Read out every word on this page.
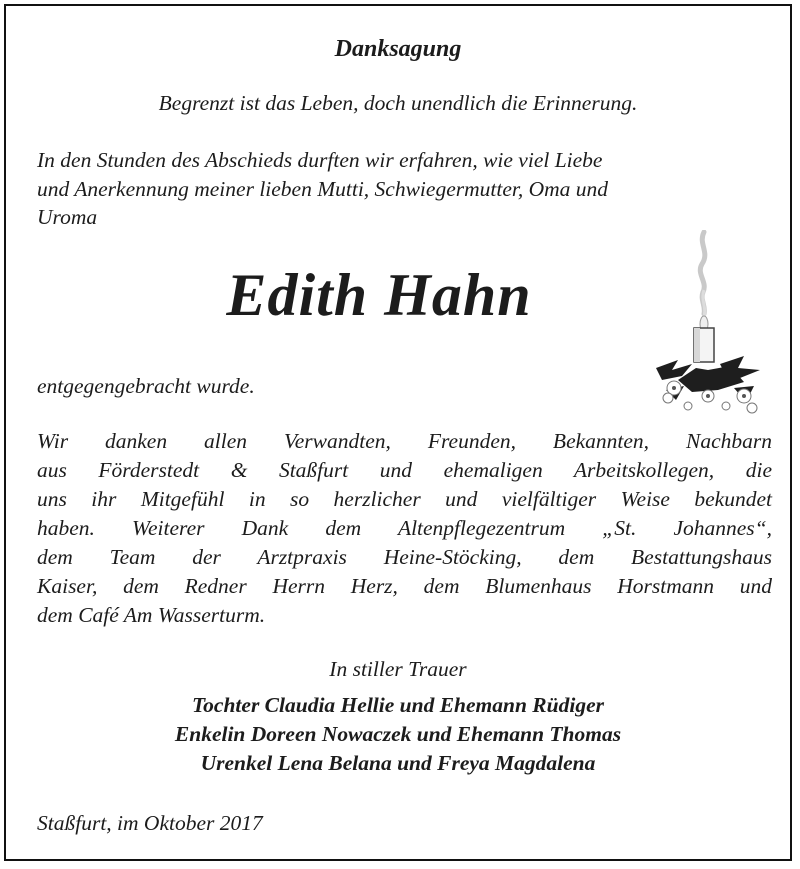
Danksagung
Begrenzt ist das Leben, doch unendlich die Erinnerung.
In den Stunden des Abschieds durften wir erfahren, wie viel Liebe
und Anerkennung meiner lieben Mutti, Schwiegermutter, Oma und
Uroma
Edith Hahn
entgegengebracht wurde.
Wir danken allen Verwandten, Freunden, Bekannten, Nachbarn
aus Förderstedt & Staßfurt und ehemaligen Arbeitskollegen, die
uns ihr Mitgefühl in so herzlicher und vielfältiger Weise bekundet
haben. Weiterer Dank dem Altenpflegezentrum „St. Johannes“,
dem Team der Arztpraxis Heine-Stöcking, dem Bestattungshaus
Kaiser, dem Redner Herrn Herz, dem Blumenhaus Horstmann und
dem Café Am Wasserturm.
In stiller Trauer
Tochter Claudia Hellie und Ehemann Rüdiger
Enkelin Doreen Nowaczek und Ehemann Thomas
Urenkel Lena Belana und Freya Magdalena
Staßfurt, im Oktober 2017
